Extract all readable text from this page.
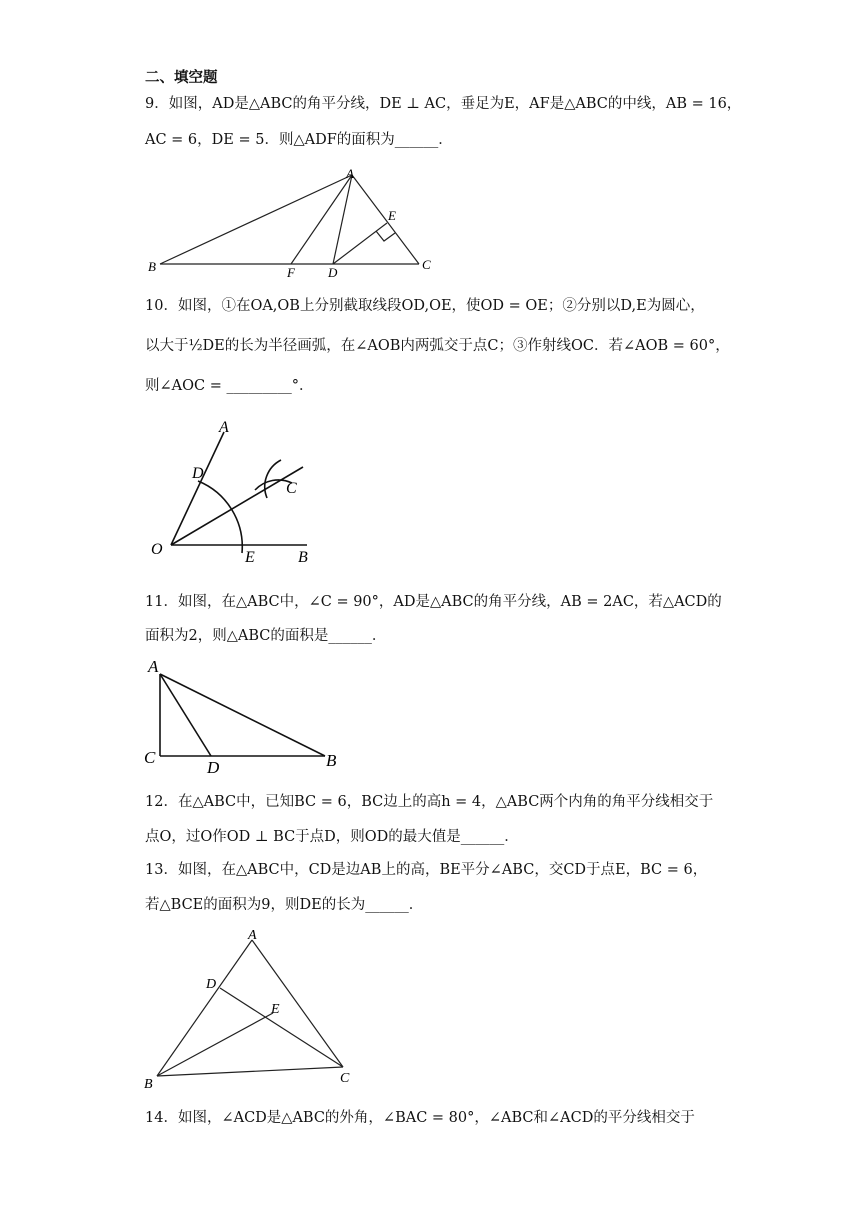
二、填空题
9．如图，AD是△ABC的角平分线，DE ⊥ AC，垂足为E，AF是△ABC的中线，AB = 16，
AC = 6，DE = 5．则△ADF的面积为______．
A
E
B	F	D
C
10．如图，①在OA,OB上分别截取线段OD,OE，使OD = OE；②分别以D,E为圆心，
以大于½DE的长为半径画弧，在∠AOB内两弧交于点C；③作射线OC．若∠AOB = 60°，
则∠AOC = _________°．
A
D
C
O	E	B
11．如图，在△ABC中，∠C = 90°，AD是△ABC的角平分线，AB = 2AC，若△ACD的
面积为2，则△ABC的面积是______．
A
C
D	B
12．在△ABC中，已知BC = 6，BC边上的高h = 4，△ABC两个内角的角平分线相交于
点O，过O作OD ⊥ BC于点D，则OD的最大值是______．
13．如图，在△ABC中，CD是边AB上的高，BE平分∠ABC，交CD于点E，BC = 6，
若△BCE的面积为9，则DE的长为______．
A
D
E
B	C
14．如图，∠ACD是△ABC的外角，∠BAC = 80°，∠ABC和∠ACD的平分线相交于
